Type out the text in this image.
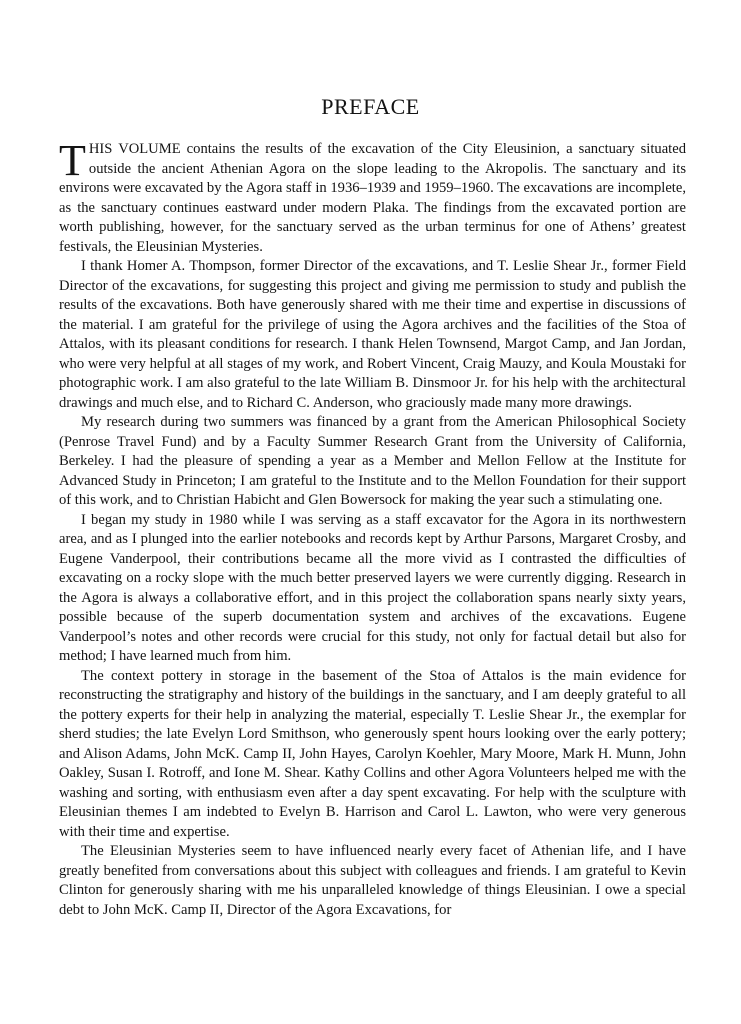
PREFACE

THIS VOLUME contains the results of the excavation of the City Eleusinion, a sanctuary situated outside the ancient Athenian Agora on the slope leading to the Akropolis. The sanctuary and its environs were excavated by the Agora staff in 1936–1939 and 1959–1960. The excavations are incomplete, as the sanctuary continues eastward under modern Plaka. The findings from the excavated portion are worth publishing, however, for the sanctuary served as the urban terminus for one of Athens’ greatest festivals, the Eleusinian Mysteries.

I thank Homer A. Thompson, former Director of the excavations, and T. Leslie Shear Jr., former Field Director of the excavations, for suggesting this project and giving me permission to study and publish the results of the excavations. Both have generously shared with me their time and expertise in discussions of the material. I am grateful for the privilege of using the Agora archives and the facilities of the Stoa of Attalos, with its pleasant conditions for research. I thank Helen Townsend, Margot Camp, and Jan Jordan, who were very helpful at all stages of my work, and Robert Vincent, Craig Mauzy, and Koula Moustaki for photographic work. I am also grateful to the late William B. Dinsmoor Jr. for his help with the architectural drawings and much else, and to Richard C. Anderson, who graciously made many more drawings.

My research during two summers was financed by a grant from the American Philosophical Society (Penrose Travel Fund) and by a Faculty Summer Research Grant from the University of California, Berkeley. I had the pleasure of spending a year as a Member and Mellon Fellow at the Institute for Advanced Study in Princeton; I am grateful to the Institute and to the Mellon Foundation for their support of this work, and to Christian Habicht and Glen Bowersock for making the year such a stimulating one.

I began my study in 1980 while I was serving as a staff excavator for the Agora in its northwestern area, and as I plunged into the earlier notebooks and records kept by Arthur Parsons, Margaret Crosby, and Eugene Vanderpool, their contributions became all the more vivid as I contrasted the difficulties of excavating on a rocky slope with the much better preserved layers we were currently digging. Research in the Agora is always a collaborative effort, and in this project the collaboration spans nearly sixty years, possible because of the superb documentation system and archives of the excavations. Eugene Vanderpool’s notes and other records were crucial for this study, not only for factual detail but also for method; I have learned much from him.

The context pottery in storage in the basement of the Stoa of Attalos is the main evidence for reconstructing the stratigraphy and history of the buildings in the sanctuary, and I am deeply grateful to all the pottery experts for their help in analyzing the material, especially T. Leslie Shear Jr., the exemplar for sherd studies; the late Evelyn Lord Smithson, who generously spent hours looking over the early pottery; and Alison Adams, John McK. Camp II, John Hayes, Carolyn Koehler, Mary Moore, Mark H. Munn, John Oakley, Susan I. Rotroff, and Ione M. Shear. Kathy Collins and other Agora Volunteers helped me with the washing and sorting, with enthusiasm even after a day spent excavating. For help with the sculpture with Eleusinian themes I am indebted to Evelyn B. Harrison and Carol L. Lawton, who were very generous with their time and expertise.

The Eleusinian Mysteries seem to have influenced nearly every facet of Athenian life, and I have greatly benefited from conversations about this subject with colleagues and friends. I am grateful to Kevin Clinton for generously sharing with me his unparalleled knowledge of things Eleusinian. I owe a special debt to John McK. Camp II, Director of the Agora Excavations, for
